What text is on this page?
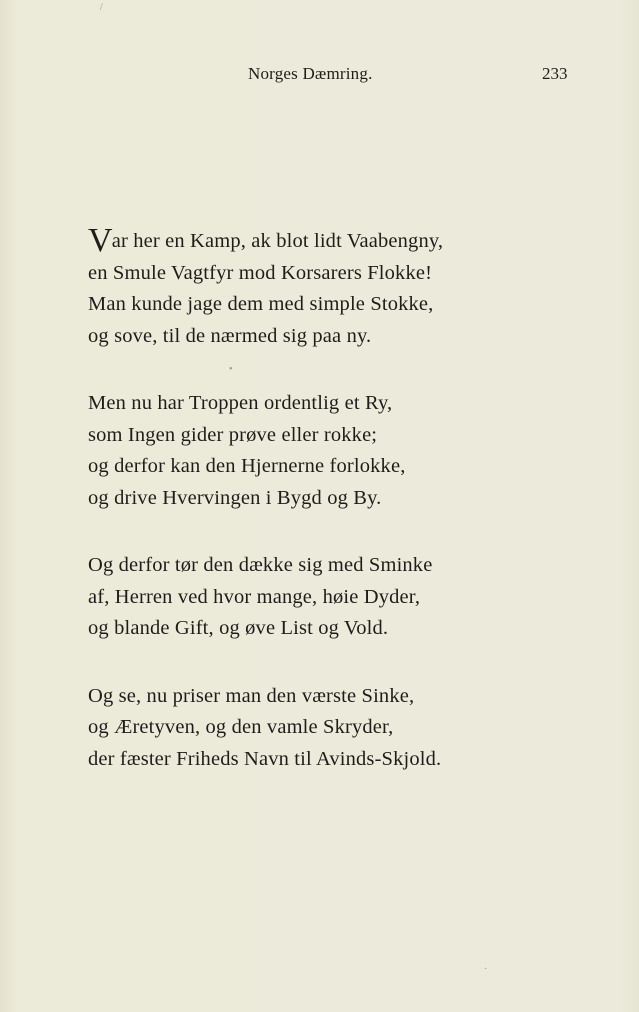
Norges Dæmring.	233
Var her en Kamp, ak blot lidt Vaabengny,
en Smule Vagtfyr mod Korsarers Flokke!
Man kunde jage dem med simple Stokke,
og sove, til de nærmed sig paa ny.
Men nu har Troppen ordentlig et Ry,
som Ingen gider prøve eller rokke;
og derfor kan den Hjernerne forlokke,
og drive Hvervingen i Bygd og By.
Og derfor tør den dække sig med Sminke
af, Herren ved hvor mange, høie Dyder,
og blande Gift, og øve List og Vold.
Og se, nu priser man den værste Sinke,
og Æretyven, og den vamle Skryder,
der fæster Friheds Navn til Avinds-Skjold.
/
•
·
